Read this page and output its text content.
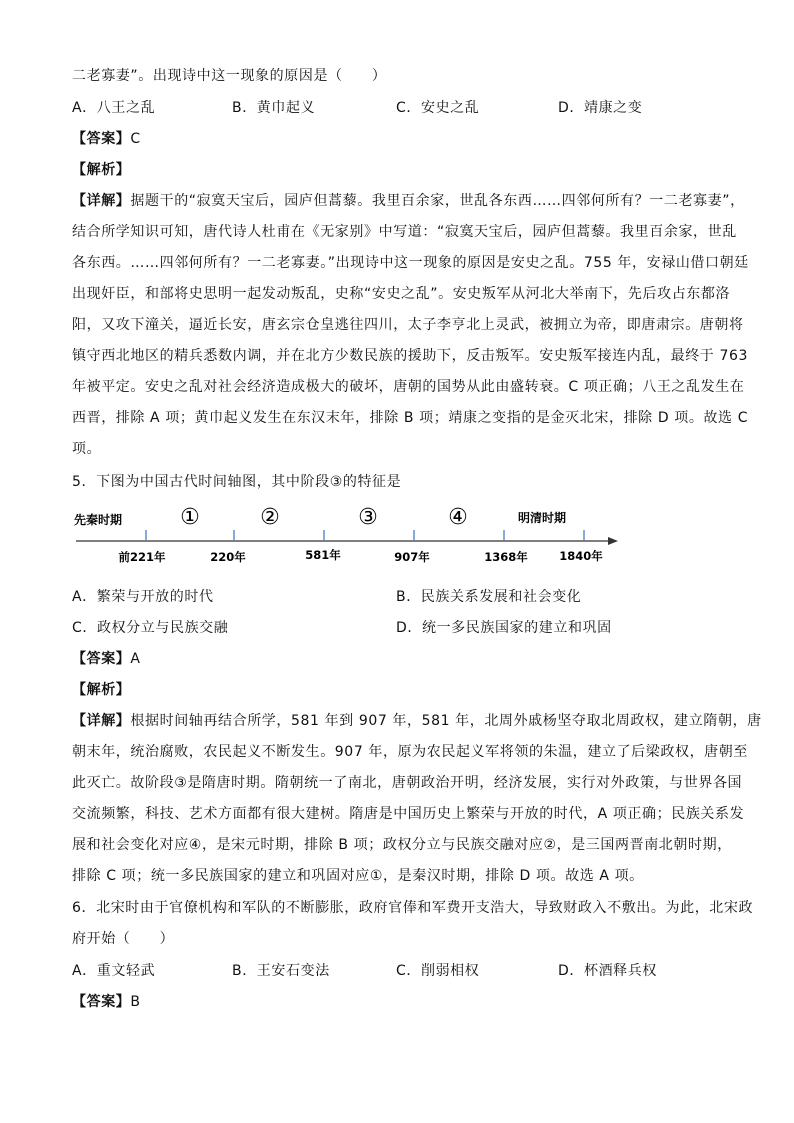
二老寡妻”。出现诗中这一现象的原因是（　　）
A．八王之乱	B．黄巾起义	C．安史之乱	D．靖康之变
【答案】C
【解析】
【详解】据题干的“寂寞天宝后，园庐但蒿藜。我里百余家，世乱各东西……四邻何所有？一二老寡妻”，
结合所学知识可知，唐代诗人杜甫在《无家别》中写道：“寂寞天宝后，园庐但蒿藜。我里百余家，世乱
各东西。……四邻何所有？一二老寡妻。”出现诗中这一现象的原因是安史之乱。755 年，安禄山借口朝廷
出现奸臣，和部将史思明一起发动叛乱，史称“安史之乱”。安史叛军从河北大举南下，先后攻占东都洛
阳，又攻下潼关，逼近长安，唐玄宗仓皇逃往四川，太子李亨北上灵武，被拥立为帝，即唐肃宗。唐朝将
镇守西北地区的精兵悉数内调，并在北方少数民族的援助下，反击叛军。安史叛军接连内乱，最终于 763
年被平定。安史之乱对社会经济造成极大的破坏，唐朝的国势从此由盛转衰。C 项正确；八王之乱发生在
西晋，排除 A 项；黄巾起义发生在东汉末年，排除 B 项；靖康之变指的是金灭北宋，排除 D 项。故选 C
项。
5．下图为中国古代时间轴图，其中阶段③的特征是
先秦时期	明清时期
①	②	③	④
前221年	220年	581年	907年	1368年	1840年
A．繁荣与开放的时代	B．民族关系发展和社会变化
C．政权分立与民族交融	D．统一多民族国家的建立和巩固
【答案】A
【解析】
【详解】根据时间轴再结合所学，581 年到 907 年，581 年，北周外戚杨坚夺取北周政权，建立隋朝，唐
朝末年，统治腐败，农民起义不断发生。907 年，原为农民起义军将领的朱温，建立了后梁政权，唐朝至
此灭亡。故阶段③是隋唐时期。隋朝统一了南北，唐朝政治开明，经济发展，实行对外政策，与世界各国
交流频繁，科技、艺术方面都有很大建树。隋唐是中国历史上繁荣与开放的时代，A 项正确；民族关系发
展和社会变化对应④，是宋元时期，排除 B 项；政权分立与民族交融对应②，是三国两晋南北朝时期，
排除 C 项；统一多民族国家的建立和巩固对应①，是秦汉时期，排除 D 项。故选 A 项。
6．北宋时由于官僚机构和军队的不断膨胀，政府官俸和军费开支浩大，导致财政入不敷出。为此，北宋政
府开始（　　）
A．重文轻武	B．王安石变法	C．削弱相权	D．杯酒释兵权
【答案】B
